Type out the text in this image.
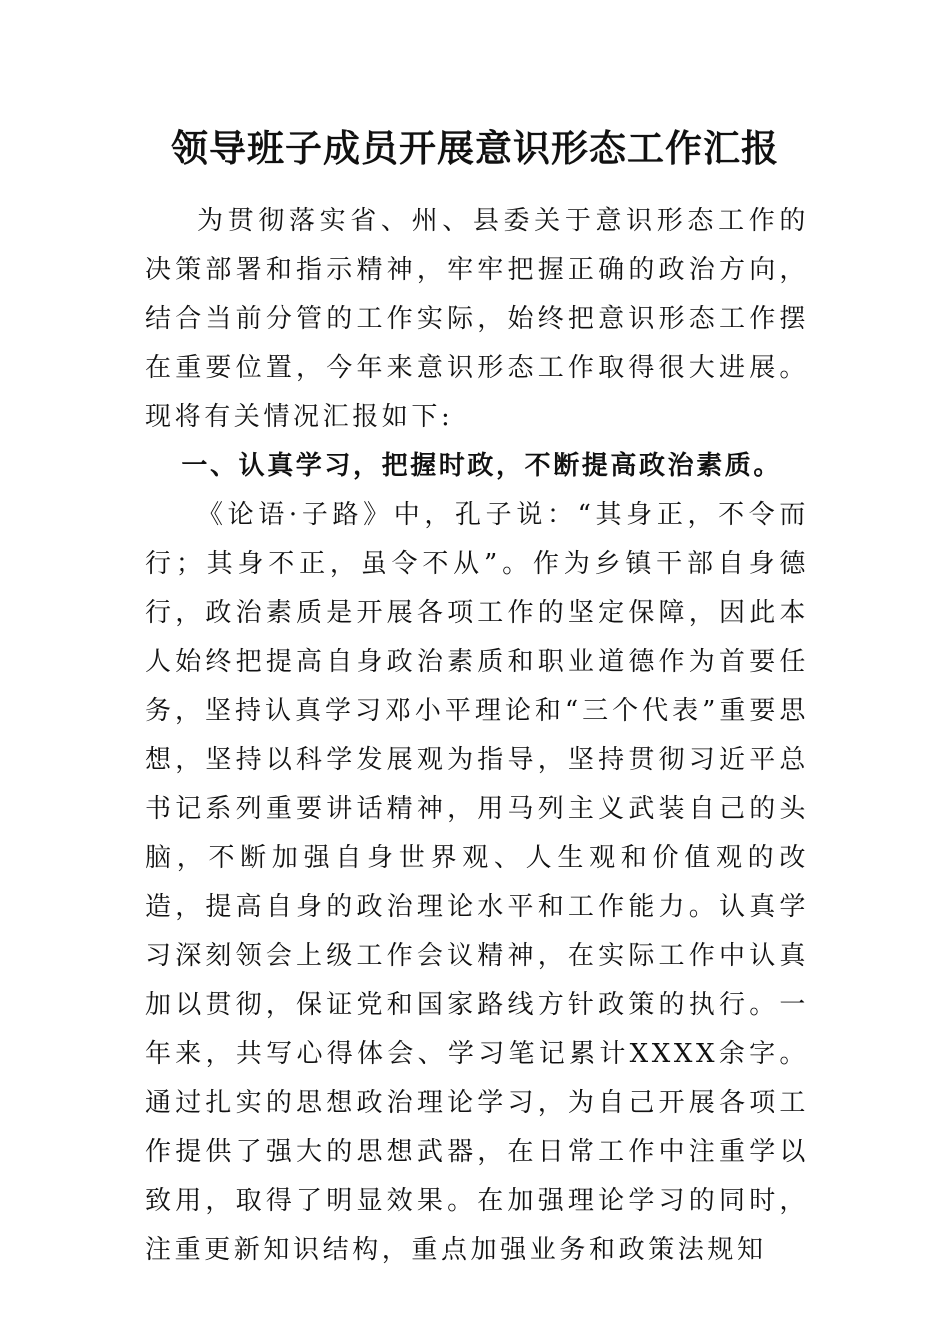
领导班子成员开展意识形态工作汇报

为贯彻落实省、州、县委关于意识形态工作的决策部署和指示精神，牢牢把握正确的政治方向，结合当前分管的工作实际，始终把意识形态工作摆在重要位置，今年来意识形态工作取得很大进展。现将有关情况汇报如下:

一、认真学习，把握时政，不断提高政治素质。

《论语·子路》中，孔子说：“其身正，不令而行；其身不正，虽令不从”。作为乡镇干部自身德行，政治素质是开展各项工作的坚定保障，因此本人始终把提高自身政治素质和职业道德作为首要任务，坚持认真学习邓小平理论和“三个代表”重要思想，坚持以科学发展观为指导，坚持贯彻习近平总书记系列重要讲话精神，用马列主义武装自己的头脑，不断加强自身世界观、人生观和价值观的改造，提高自身的政治理论水平和工作能力。认真学习深刻领会上级工作会议精神，在实际工作中认真加以贯彻，保证党和国家路线方针政策的执行。一年来，共写心得体会、学习笔记累计XXXX余字。通过扎实的思想政治理论学习，为自己开展各项工作提供了强大的思想武器，在日常工作中注重学以致用，取得了明显效果。在加强理论学习的同时，注重更新知识结构，重点加强业务和政策法规知
